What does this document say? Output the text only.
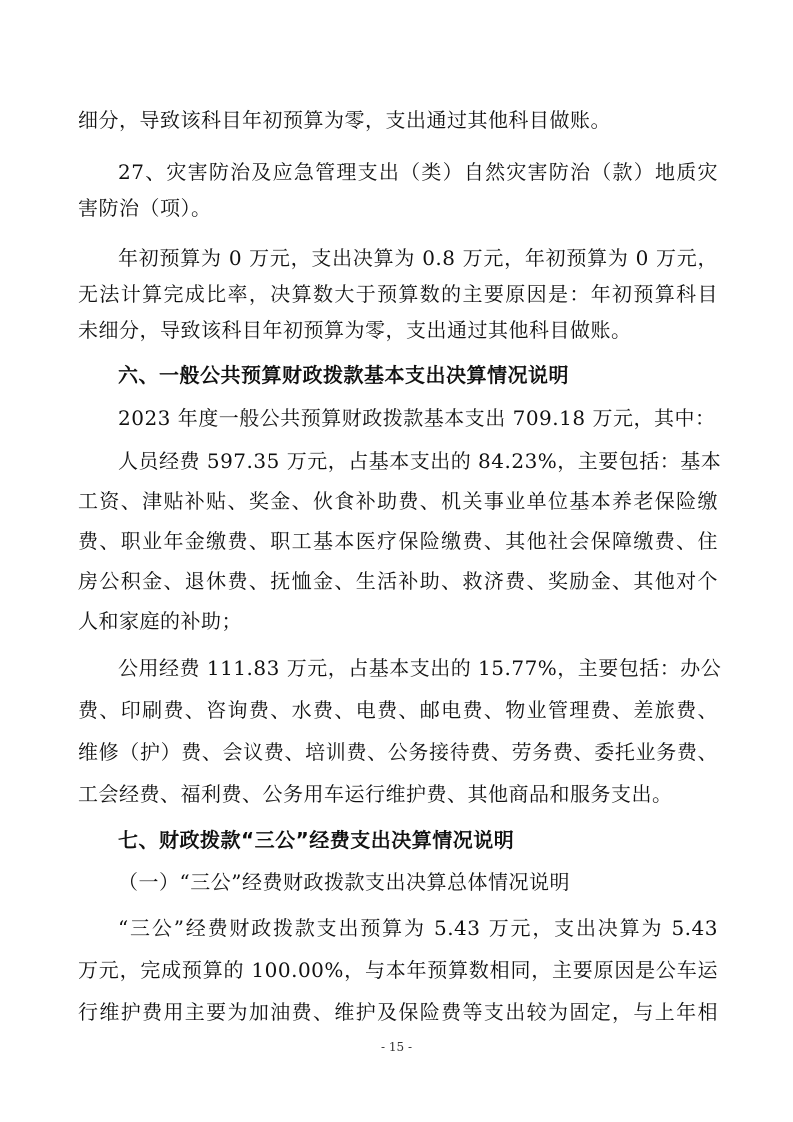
细分，导致该科目年初预算为零，支出通过其他科目做账。
27、灾害防治及应急管理支出（类）自然灾害防治（款）地质灾
害防治（项）。
年初预算为 0 万元，支出决算为 0.8 万元，年初预算为 0 万元，
无法计算完成比率，决算数大于预算数的主要原因是：年初预算科目
未细分，导致该科目年初预算为零，支出通过其他科目做账。
六、一般公共预算财政拨款基本支出决算情况说明
2023 年度一般公共预算财政拨款基本支出 709.18 万元，其中：
人员经费 597.35 万元，占基本支出的 84.23%，主要包括：基本
工资、津贴补贴、奖金、伙食补助费、机关事业单位基本养老保险缴
费、职业年金缴费、职工基本医疗保险缴费、其他社会保障缴费、住
房公积金、退休费、抚恤金、生活补助、救济费、奖励金、其他对个
人和家庭的补助；
公用经费 111.83 万元，占基本支出的 15.77%，主要包括：办公
费、印刷费、咨询费、水费、电费、邮电费、物业管理费、差旅费、
维修（护）费、会议费、培训费、公务接待费、劳务费、委托业务费、
工会经费、福利费、公务用车运行维护费、其他商品和服务支出。
七、财政拨款“三公”经费支出决算情况说明
（一）“三公”经费财政拨款支出决算总体情况说明
“三公”经费财政拨款支出预算为 5.43 万元，支出决算为 5.43
万元，完成预算的 100.00%，与本年预算数相同，主要原因是公车运
行维护费用主要为加油费、维护及保险费等支出较为固定，与上年相
- 15 -
